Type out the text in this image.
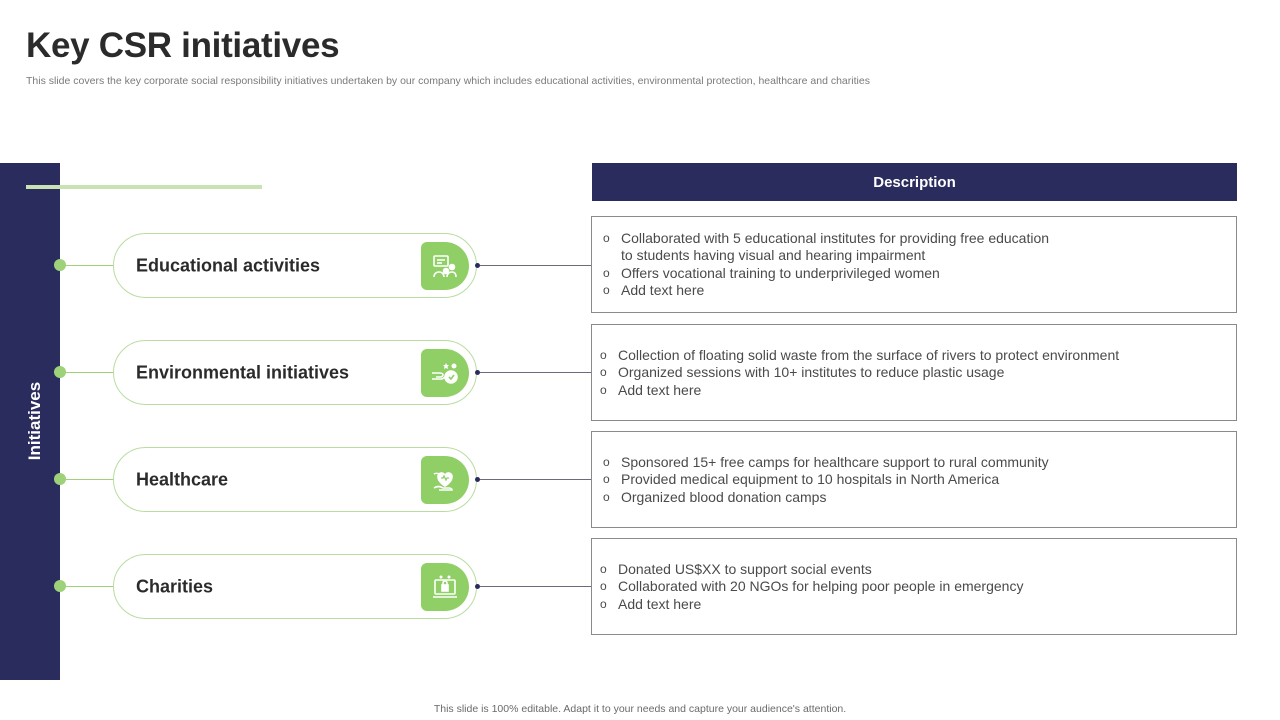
Key CSR initiatives
This slide covers the key corporate social responsibility initiatives undertaken by our company which includes educational activities, environmental protection, healthcare and charities
Initiatives
Description
Educational activities
o Collaborated with 5 educational institutes for providing free education to students having visual and hearing impairment
o Offers vocational training to underprivileged women
o Add text here
Environmental initiatives
o Collection of floating solid waste from the surface of rivers to protect environment
o Organized sessions with 10+ institutes to reduce plastic usage
o Add text here
Healthcare
o Sponsored 15+ free camps for healthcare support to rural community
o Provided medical equipment to 10 hospitals in North America
o Organized blood donation camps
Charities
o Donated US$XX to support social events
o Collaborated with 20 NGOs for helping poor people in emergency
o Add text here
This slide is 100% editable. Adapt it to your needs and capture your audience's attention.
